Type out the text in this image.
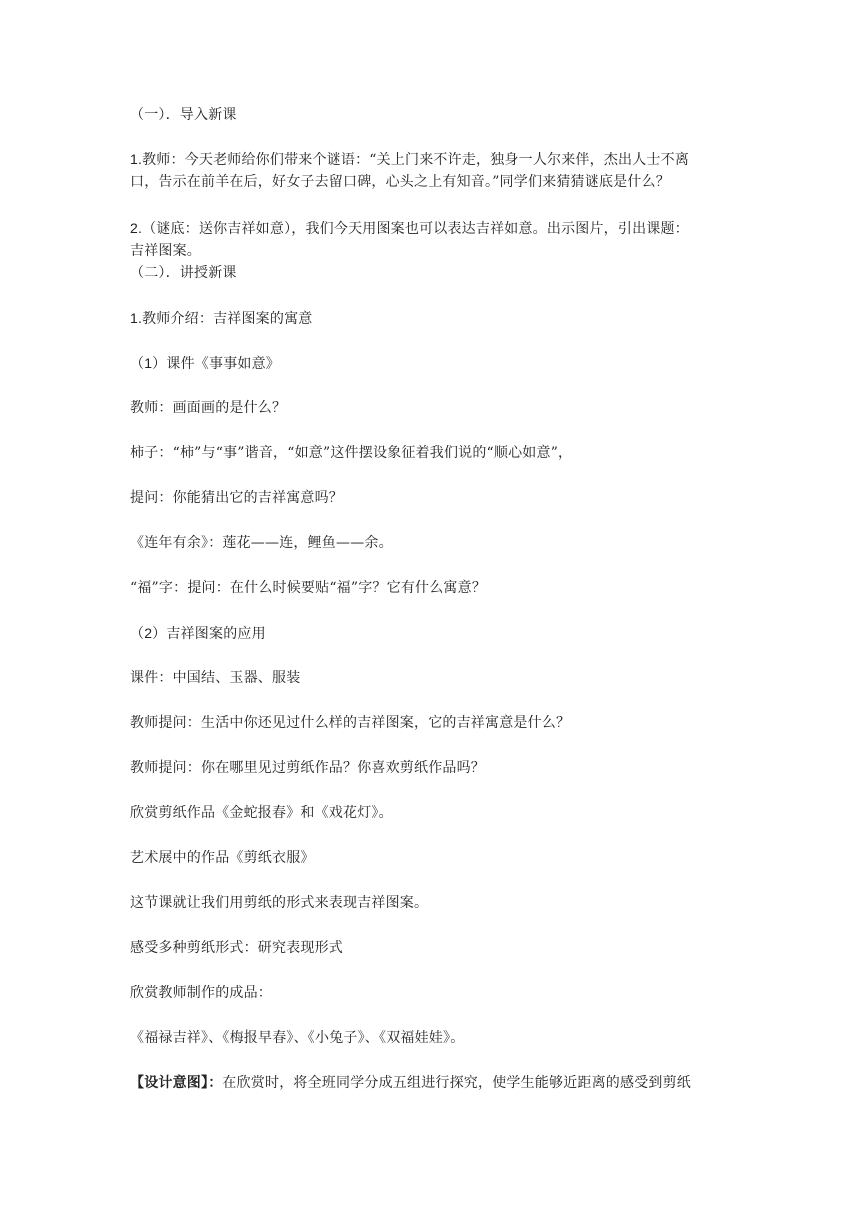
（一）．导入新课
1.教师：今天老师给你们带来个谜语：“关上门来不许走，独身一人尔来伴，杰出人士不离
口，告示在前羊在后，好女子去留口碑，心头之上有知音。”同学们来猜猜谜底是什么？
2.（谜底：送你吉祥如意），我们今天用图案也可以表达吉祥如意。出示图片，引出课题：
吉祥图案。
（二）．讲授新课
1.教师介绍：吉祥图案的寓意
（1）课件《事事如意》
教师：画面画的是什么？
柿子：“柿”与“事”谐音，“如意”这件摆设象征着我们说的“顺心如意”，
提问：你能猜出它的吉祥寓意吗？
《连年有余》：莲花——连，鲤鱼——余。
“福”字：提问：在什么时候要贴“福”字？它有什么寓意？
（2）吉祥图案的应用
课件：中国结、玉器、服装
教师提问：生活中你还见过什么样的吉祥图案，它的吉祥寓意是什么？
教师提问：你在哪里见过剪纸作品？你喜欢剪纸作品吗？
欣赏剪纸作品《金蛇报春》和《戏花灯》。
艺术展中的作品《剪纸衣服》
这节课就让我们用剪纸的形式来表现吉祥图案。
感受多种剪纸形式：研究表现形式
欣赏教师制作的成品：
《福禄吉祥》、《梅报早春》、《小兔子》、《双福娃娃》。
【设计意图】：在欣赏时，将全班同学分成五组进行探究，使学生能够近距离的感受到剪纸
